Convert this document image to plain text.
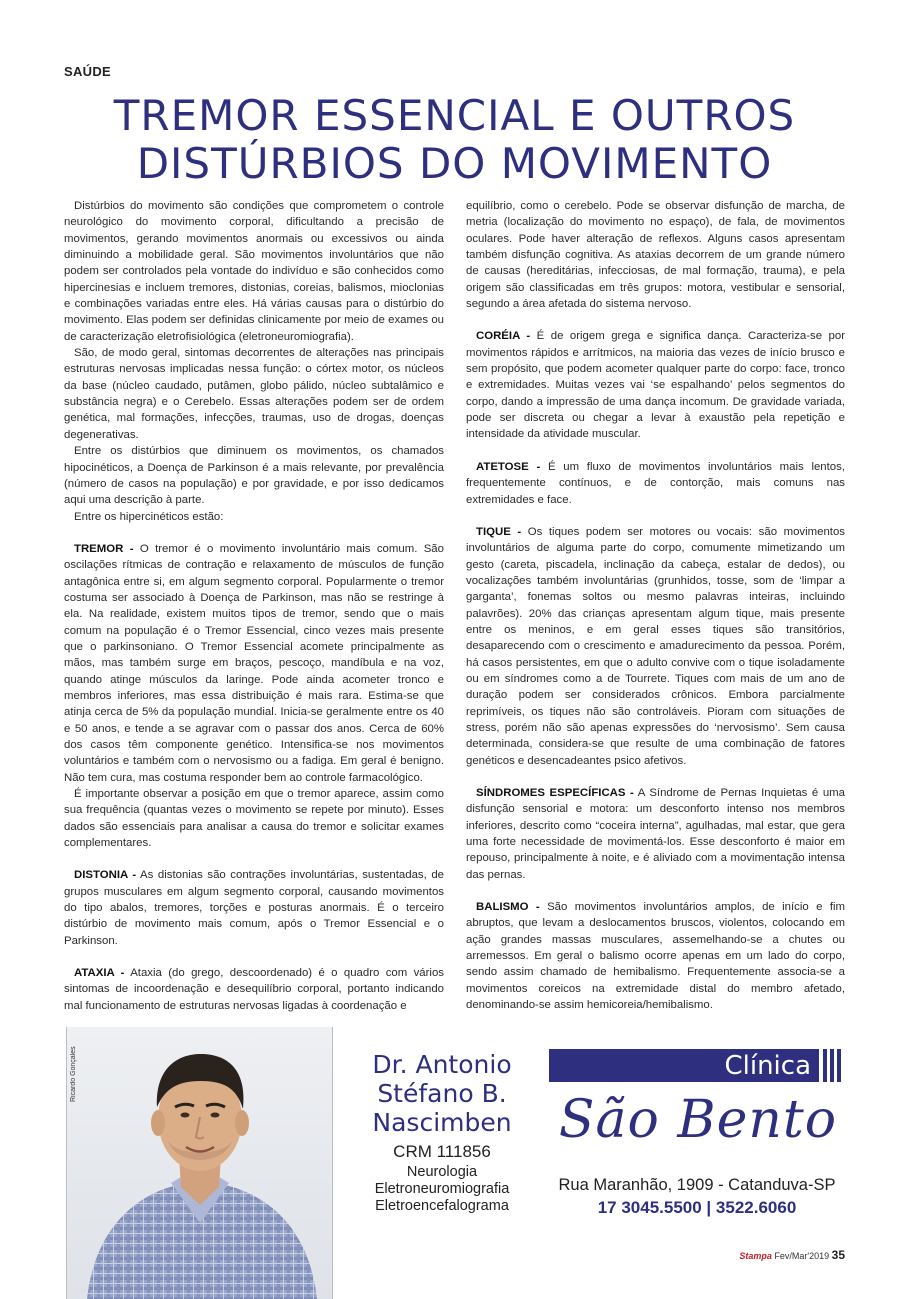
SAÚDE
TREMOR ESSENCIAL E OUTROS
DISTÚRBIOS DO MOVIMENTO

Distúrbios do movimento são condições que comprometem o controle neurológico do movimento corporal, dificultando a precisão de movimentos, gerando movimentos anormais ou excessivos ou ainda diminuindo a mobilidade geral. São movimentos involuntários que não podem ser controlados pela vontade do indivíduo e são conhecidos como hipercinesias e incluem tremores, distonias, coreias, balismos, mioclonias e combinações variadas entre eles. Há várias causas para o distúrbio do movimento. Elas podem ser definidas clinicamente por meio de exames ou de caracterização eletrofisiológica (eletroneuromiografia).

São, de modo geral, sintomas decorrentes de alterações nas principais estruturas nervosas implicadas nessa função: o córtex motor, os núcleos da base (núcleo caudado, putâmen, globo pálido, núcleo subtalâmico e substância negra) e o Cerebelo. Essas alterações podem ser de ordem genética, mal formações, infecções, traumas, uso de drogas, doenças degenerativas.

Entre os distúrbios que diminuem os movimentos, os chamados hipocinéticos, a Doença de Parkinson é a mais relevante, por prevalência (número de casos na população) e por gravidade, e por isso dedicamos aqui uma descrição à parte.

Entre os hipercinéticos estão:

TREMOR - O tremor é o movimento involuntário mais comum. São oscilações rítmicas de contração e relaxamento de músculos de função antagônica entre si, em algum segmento corporal. Popularmente o tremor costuma ser associado à Doença de Parkinson, mas não se restringe à ela. Na realidade, existem muitos tipos de tremor, sendo que o mais comum na população é o Tremor Essencial, cinco vezes mais presente que o parkinsoniano. O Tremor Essencial acomete principalmente as mãos, mas também surge em braços, pescoço, mandíbula e na voz, quando atinge músculos da laringe. Pode ainda acometer tronco e membros inferiores, mas essa distribuição é mais rara. Estima-se que atinja cerca de 5% da população mundial. Inicia-se geralmente entre os 40 e 50 anos, e tende a se agravar com o passar dos anos. Cerca de 60% dos casos têm componente genético. Intensifica-se nos movimentos voluntários e também com o nervosismo ou a fadiga. Em geral é benigno. Não tem cura, mas costuma responder bem ao controle farmacológico.

É importante observar a posição em que o tremor aparece, assim como sua frequência (quantas vezes o movimento se repete por minuto). Esses dados são essenciais para analisar a causa do tremor e solicitar exames complementares.

DISTONIA - As distonias são contrações involuntárias, sustentadas, de grupos musculares em algum segmento corporal, causando movimentos do tipo abalos, tremores, torções e posturas anormais. É o terceiro distúrbio de movimento mais comum, após o Tremor Essencial e o Parkinson.

ATAXIA - Ataxia (do grego, descoordenado) é o quadro com vários sintomas de incoordenação e desequilíbrio corporal, portanto indicando mal funcionamento de estruturas nervosas ligadas à coordenação e

equilíbrio, como o cerebelo. Pode se observar disfunção de marcha, de metria (localização do movimento no espaço), de fala, de movimentos oculares. Pode haver alteração de reflexos. Alguns casos apresentam também disfunção cognitiva. As ataxias decorrem de um grande número de causas (hereditárias, infecciosas, de mal formação, trauma), e pela origem são classificadas em três grupos: motora, vestibular e sensorial, segundo a área afetada do sistema nervoso.

CORÉIA - É de origem grega e significa dança. Caracteriza-se por movimentos rápidos e arrítmicos, na maioria das vezes de início brusco e sem propósito, que podem acometer qualquer parte do corpo: face, tronco e extremidades. Muitas vezes vai ‘se espalhando’ pelos segmentos do corpo, dando a impressão de uma dança incomum. De gravidade variada, pode ser discreta ou chegar a levar à exaustão pela repetição e intensidade da atividade muscular.

ATETOSE - É um fluxo de movimentos involuntários mais lentos, frequentemente contínuos, e de contorção, mais comuns nas extremidades e face.

TIQUE - Os tiques podem ser motores ou vocais: são movimentos involuntários de alguma parte do corpo, comumente mimetizando um gesto (careta, piscadela, inclinação da cabeça, estalar de dedos), ou vocalizações também involuntárias (grunhidos, tosse, som de ‘limpar a garganta’, fonemas soltos ou mesmo palavras inteiras, incluindo palavrões). 20% das crianças apresentam algum tique, mais presente entre os meninos, e em geral esses tiques são transitórios, desaparecendo com o crescimento e amadurecimento da pessoa. Porém, há casos persistentes, em que o adulto convive com o tique isoladamente ou em síndromes como a de Tourrete. Tiques com mais de um ano de duração podem ser considerados crônicos. Embora parcialmente reprimíveis, os tiques não são controláveis. Pioram com situações de stress, porém não são apenas expressões do ‘nervosismo’. Sem causa determinada, considera-se que resulte de uma combinação de fatores genéticos e desencadeantes psico afetivos.

SÍNDROMES ESPECÍFICAS - A Síndrome de Pernas Inquietas é uma disfunção sensorial e motora: um desconforto intenso nos membros inferiores, descrito como “coceira interna”, agulhadas, mal estar, que gera uma forte necessidade de movimentá-los. Esse desconforto é maior em repouso, principalmente à noite, e é aliviado com a movimentação intensa das pernas.

BALISMO - São movimentos involuntários amplos, de início e fim abruptos, que levam a deslocamentos bruscos, violentos, colocando em ação grandes massas musculares, assemelhando-se a chutes ou arremessos. Em geral o balismo ocorre apenas em um lado do corpo, sendo assim chamado de hemibalismo. Frequentemente associa-se a movimentos coreicos na extremidade distal do membro afetado, denominando-se assim hemicoreia/hemibalismo.

Ricardo Gonçales	Dr. Antonio
Stéfano B.
Nascimben
CRM 111856
Neurologia
Eletroneuromiografia
Eletroencefalograma
Clínica
São Bento
Rua Maranhão, 1909 - Catanduva-SP
17 3045.5500 | 3522.6060
Stampa Fev/Mar'2019 35
